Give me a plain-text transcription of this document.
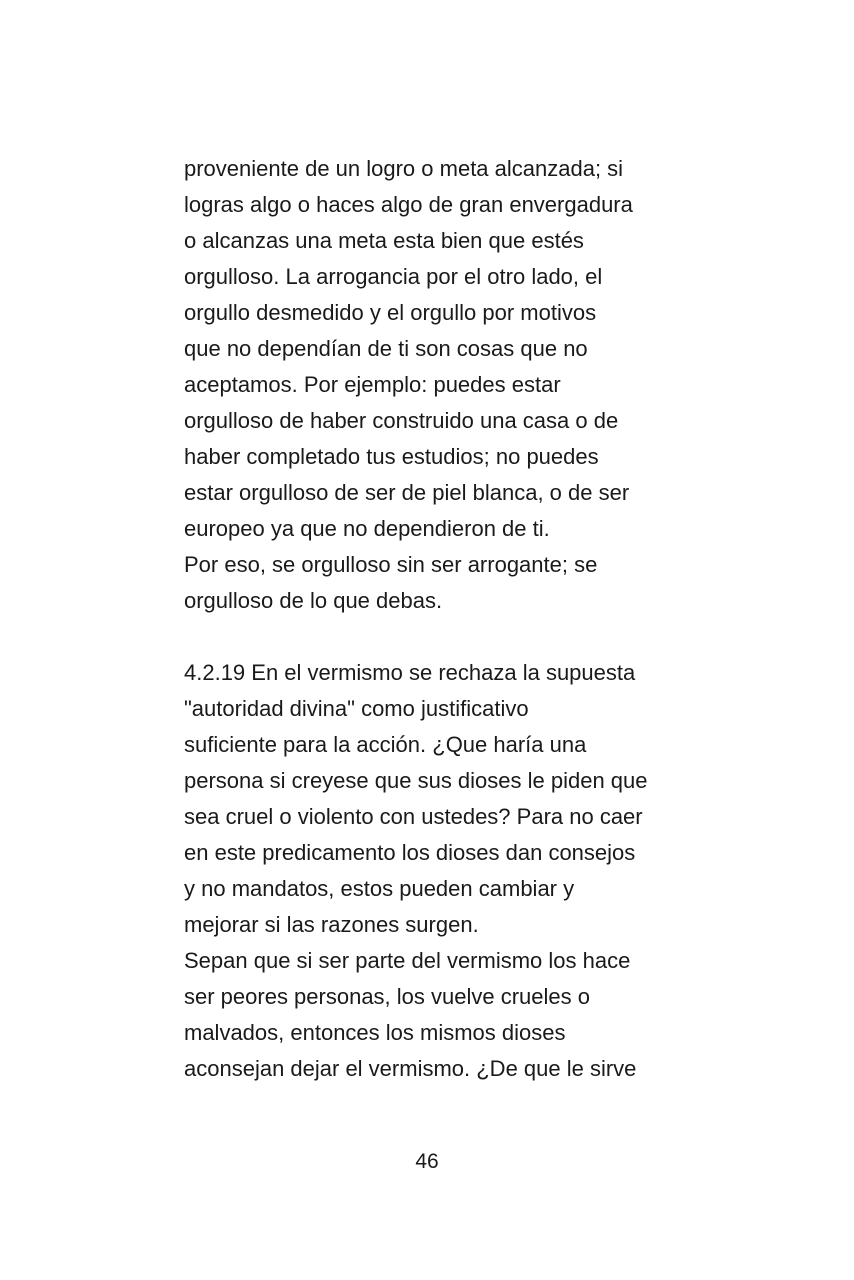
proveniente de un logro o meta alcanzada; si
logras algo o haces algo de gran envergadura
o alcanzas una meta esta bien que estés
orgulloso. La arrogancia por el otro lado, el
orgullo desmedido y el orgullo por motivos
que no dependían de ti son cosas que no
aceptamos. Por ejemplo: puedes estar
orgulloso de haber construido una casa o de
haber completado tus estudios; no puedes
estar orgulloso de ser de piel blanca, o de ser
europeo ya que no dependieron de ti.
Por eso, se orgulloso sin ser arrogante; se
orgulloso de lo que debas.
4.2.19 En el vermismo se rechaza la supuesta
"autoridad divina" como justificativo
suficiente para la acción. ¿Que haría una
persona si creyese que sus dioses le piden que
sea cruel o violento con ustedes? Para no caer
en este predicamento los dioses dan consejos
y no mandatos, estos pueden cambiar y
mejorar si las razones surgen.
Sepan que si ser parte del vermismo los hace
ser peores personas, los vuelve crueles o
malvados, entonces los mismos dioses
aconsejan dejar el vermismo. ¿De que le sirve
46
